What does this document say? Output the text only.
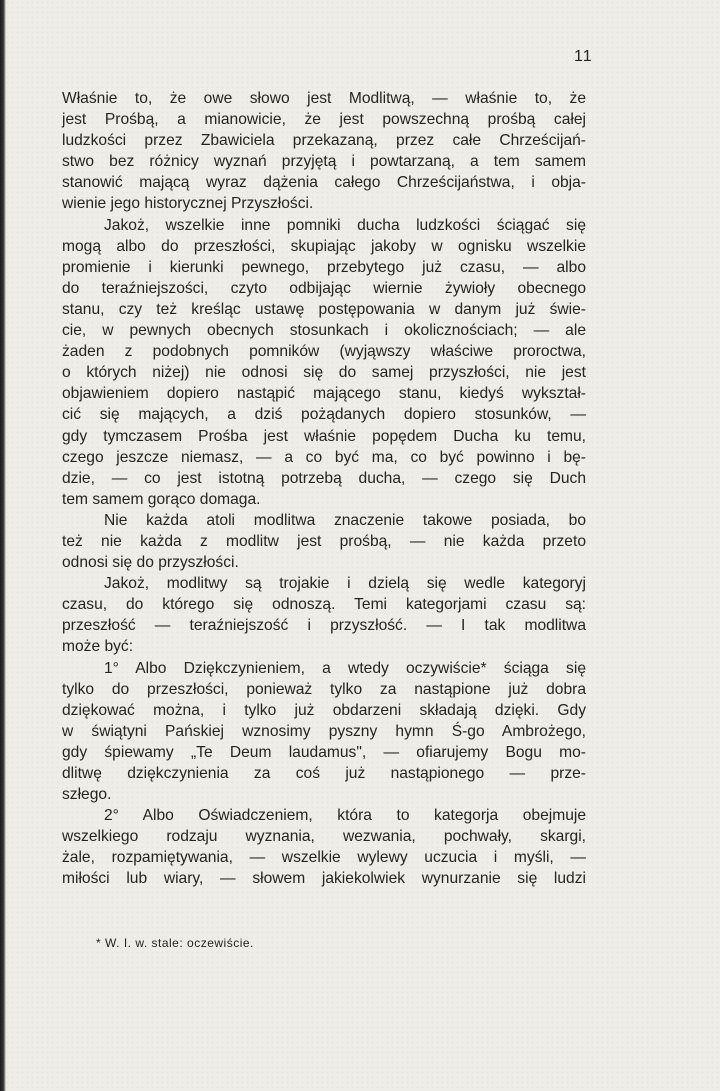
11
Właśnie to, że owe słowo jest Modlitwą, — właśnie to, że
jest Prośbą, a mianowicie, że jest powszechną prośbą całej
ludzkości przez Zbawiciela przekazaną, przez całe Chrześcijań-
stwo bez różnicy wyznań przyjętą i powtarzaną, a tem samem
stanowić mającą wyraz dążenia całego Chrześcijaństwa, i obja-
wienie jego historycznej Przyszłości.
Jakoż, wszelkie inne pomniki ducha ludzkości ściągać się
mogą albo do przeszłości, skupiając jakoby w ognisku wszelkie
promienie i kierunki pewnego, przebytego już czasu, — albo
do teraźniejszości, czyto odbijając wiernie żywioły obecnego
stanu, czy też kreśląc ustawę postępowania w danym już świe-
cie, w pewnych obecnych stosunkach i okolicznościach; — ale
żaden z podobnych pomników (wyjąwszy właściwe proroctwa,
o których niżej) nie odnosi się do samej przyszłości, nie jest
objawieniem dopiero nastąpić mającego stanu, kiedyś wykształ-
cić się mających, a dziś pożądanych dopiero stosunków, —
gdy tymczasem Prośba jest właśnie popędem Ducha ku temu,
czego jeszcze niemasz, — a co być ma, co być powinno i bę-
dzie, — co jest istotną potrzebą ducha, — czego się Duch
tem samem gorąco domaga.
Nie każda atoli modlitwa znaczenie takowe posiada, bo
też nie każda z modlitw jest prośbą, — nie każda przeto
odnosi się do przyszłości.
Jakoż, modlitwy są trojakie i dzielą się wedle kategoryj
czasu, do którego się odnoszą. Temi kategorjami czasu są:
przeszłość — teraźniejszość i przyszłość. — I tak modlitwa
może być:
1° Albo Dziękczynieniem, a wtedy oczywiście* ściąga się
tylko do przeszłości, ponieważ tylko za nastąpione już dobra
dziękować można, i tylko już obdarzeni składają dzięki. Gdy
w świątyni Pańskiej wznosimy pyszny hymn Ś-go Ambrożego,
gdy śpiewamy „Te Deum laudamus", — ofiarujemy Bogu mo-
dlitwę dziękczynienia za coś już nastąpionego — prze-
szłego.
2° Albo Oświadczeniem, która to kategorja obejmuje
wszelkiego rodzaju wyznania, wezwania, pochwały, skargi,
żale, rozpamiętywania, — wszelkie wylewy uczucia i myśli, —
miłości lub wiary, — słowem jakiekolwiek wynurzanie się ludzi
* W. I. w. stale: oczewiście.
